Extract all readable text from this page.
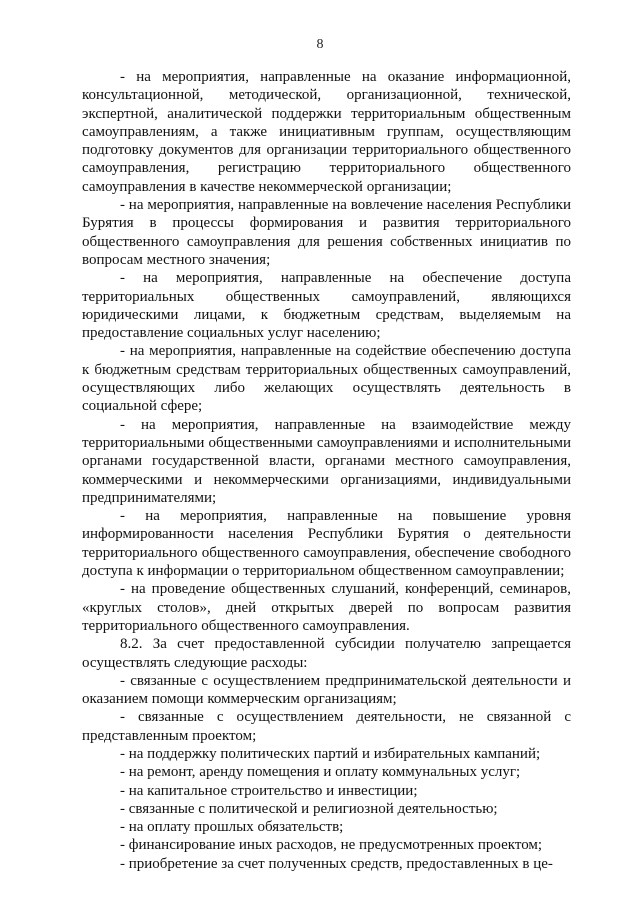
8

- на мероприятия, направленные на оказание информационной, консультационной, методической, организационной, технической, экспертной, аналитической поддержки территориальным общественным самоуправлениям, а также инициативным группам, осуществляющим подготовку документов для организации территориального общественного самоуправления, регистрацию территориального общественного самоуправления в качестве некоммерческой организации;

- на мероприятия, направленные на вовлечение населения Республики Бурятия в процессы формирования и развития территориального общественного самоуправления для решения собственных инициатив по вопросам местного значения;

- на мероприятия, направленные на обеспечение доступа территориальных общественных самоуправлений, являющихся юридическими лицами, к бюджетным средствам, выделяемым на предоставление социальных услуг населению;

- на мероприятия, направленные на содействие обеспечению доступа к бюджетным средствам территориальных общественных самоуправлений, осуществляющих либо желающих осуществлять деятельность в социальной сфере;

- на мероприятия, направленные на взаимодействие между территориальными общественными самоуправлениями и исполнительными органами государственной власти, органами местного самоуправления, коммерческими и некоммерческими организациями, индивидуальными предпринимателями;

- на мероприятия, направленные на повышение уровня информированности населения Республики Бурятия о деятельности территориального общественного самоуправления, обеспечение свободного доступа к информации о территориальном общественном самоуправлении;

- на проведение общественных слушаний, конференций, семинаров, «круглых столов», дней открытых дверей по вопросам развития территориального общественного самоуправления.

8.2. За счет предоставленной субсидии получателю запрещается осуществлять следующие расходы:

- связанные с осуществлением предпринимательской деятельности и оказанием помощи коммерческим организациям;

- связанные с осуществлением деятельности, не связанной с представленным проектом;

- на поддержку политических партий и избирательных кампаний;

- на ремонт, аренду помещения и оплату коммунальных услуг;

- на капитальное строительство и инвестиции;

- связанные с политической и религиозной деятельностью;

- на оплату прошлых обязательств;

- финансирование иных расходов, не предусмотренных проектом;

- приобретение за счет полученных средств, предоставленных в це-
